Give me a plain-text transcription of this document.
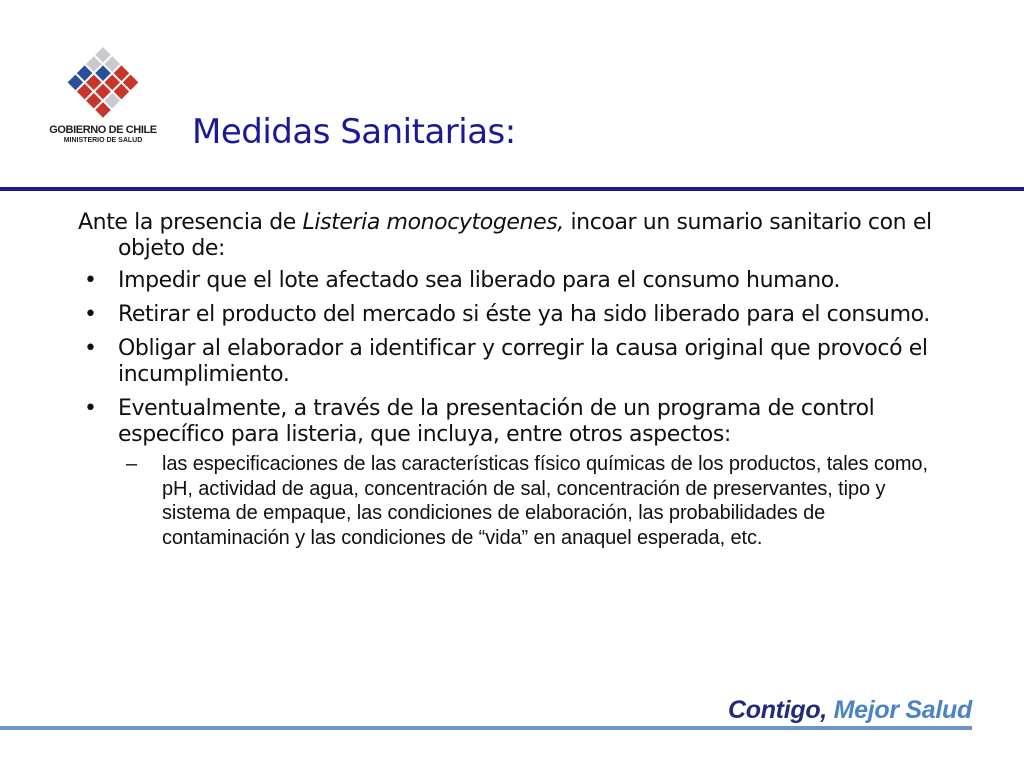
GOBIERNO DE CHILE
MINISTERIO DE SALUD	Medidas Sanitarias:

Ante la presencia de Listeria monocytogenes, incoar un sumario sanitario con el objeto de:

• Impedir que el lote afectado sea liberado para el consumo humano.
• Retirar el producto del mercado si éste ya ha sido liberado para el consumo.
• Obligar al elaborador a identificar y corregir la causa original que provocó el incumplimiento.
• Eventualmente, a través de la presentación de un programa de control específico para listeria, que incluya, entre otros aspectos:
– las especificaciones de las características físico químicas de los productos, tales como, pH, actividad de agua, concentración de sal, concentración de preservantes, tipo y sistema de empaque, las condiciones de elaboración, las probabilidades de contaminación y las condiciones de “vida” en anaquel esperada, etc.
Contigo, Mejor Salud
